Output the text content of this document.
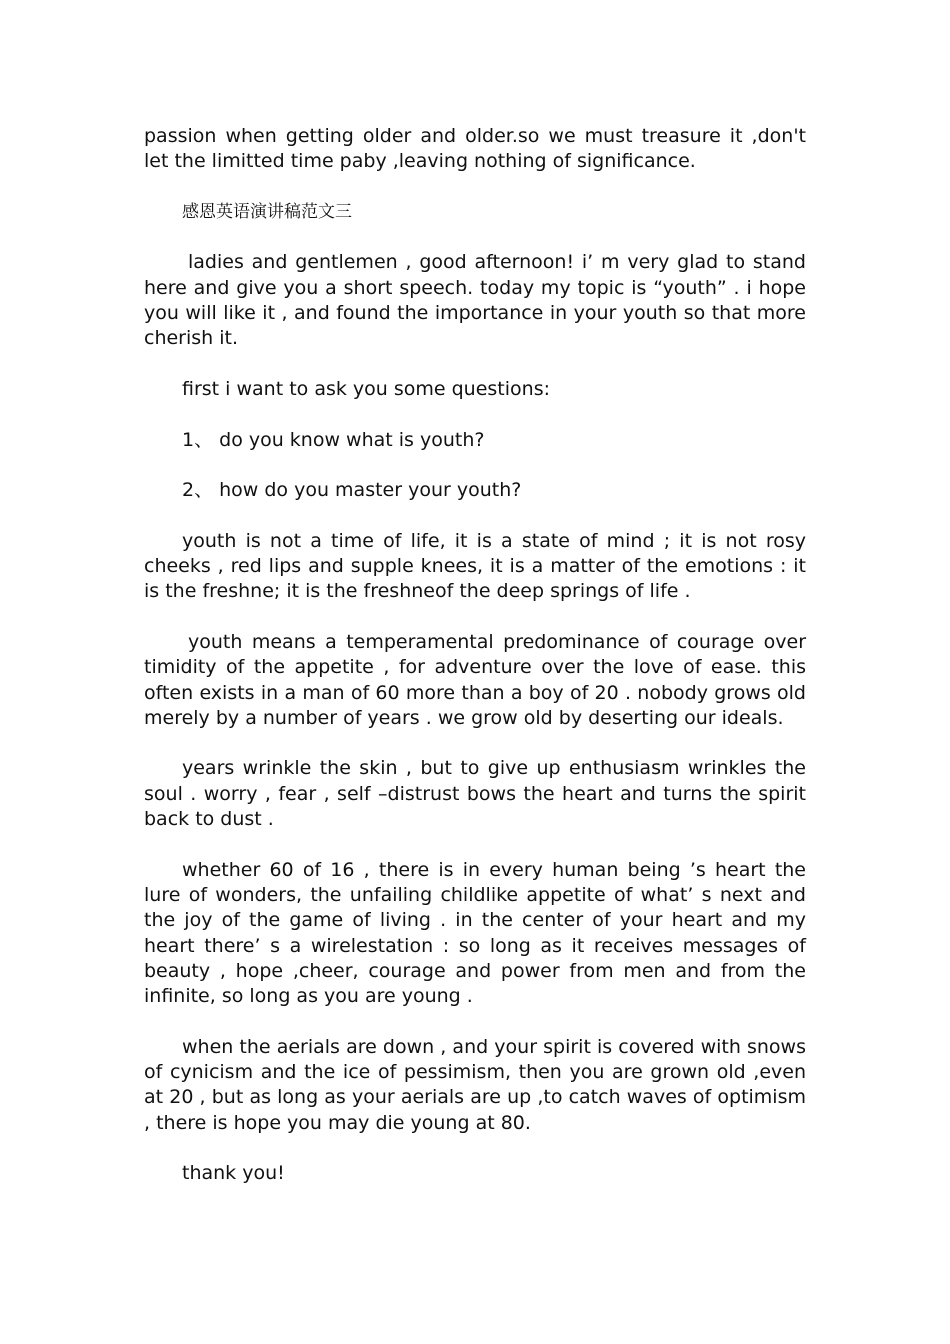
passion when getting older and older.so we must treasure it ,don't let the limitted time paby ,leaving nothing of significance.

感恩英语演讲稿范文三

ladies and gentlemen , good afternoon! i’ m very glad to stand here and give you a short speech. today my topic is “youth” . i hope you will like it , and found the importance in your youth so that more cherish it.

first i want to ask you some questions:

1、 do you know what is youth?

2、 how do you master your youth?

youth is not a time of life, it is a state of mind ; it is not rosy cheeks , red lips and supple knees, it is a matter of the emotions : it is the freshne; it is the freshneof the deep springs of life .

youth means a temperamental predominance of courage over timidity of the appetite , for adventure over the love of ease. this often exists in a man of 60 more than a boy of 20 . nobody grows old merely by a number of years . we grow old by deserting our ideals.

years wrinkle the skin , but to give up enthusiasm wrinkles the soul . worry , fear , self –distrust bows the heart and turns the spirit back to dust .

whether 60 of 16 , there is in every human being ’s heart the lure of wonders, the unfailing childlike appetite of what’ s next and the joy of the game of living . in the center of your heart and my heart there’ s a wirelestation : so long as it receives messages of beauty , hope ,cheer, courage and power from men and from the infinite, so long as you are young .

when the aerials are down , and your spirit is covered with snows of cynicism and the ice of pessimism, then you are grown old ,even at 20 , but as long as your aerials are up ,to catch waves of optimism , there is hope you may die young at 80.

thank you!
